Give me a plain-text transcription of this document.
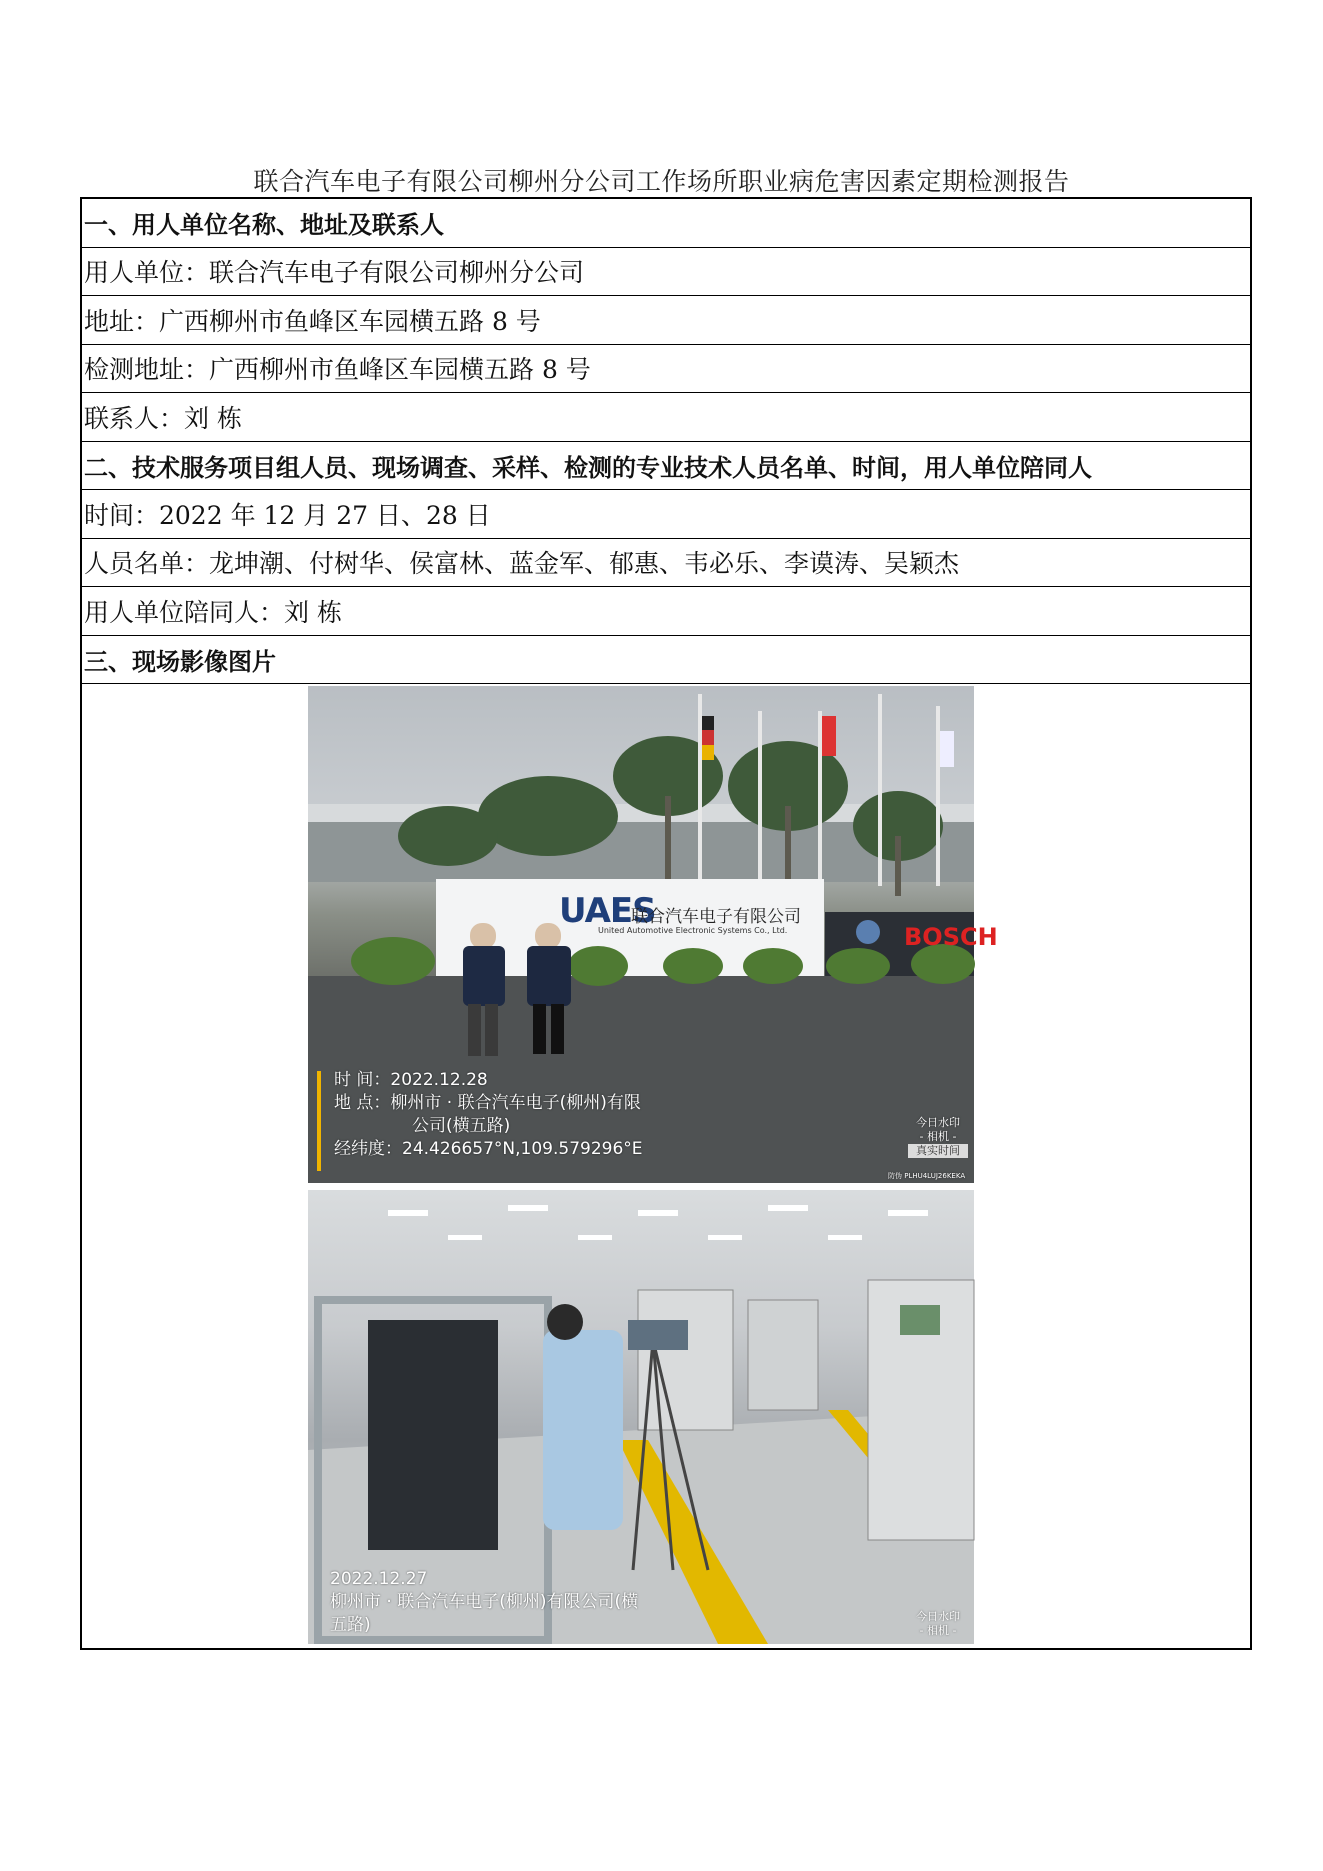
联合汽车电子有限公司柳州分公司工作场所职业病危害因素定期检测报告
一、用人单位名称、地址及联系人
用人单位：联合汽车电子有限公司柳州分公司
地址：广西柳州市鱼峰区车园横五路 8 号
检测地址：广西柳州市鱼峰区车园横五路 8 号
联系人：刘 栋
二、技术服务项目组人员、现场调查、采样、检测的专业技术人员名单、时间，用人单位陪同人
时间：2022 年 12 月 27 日、28 日
人员名单：龙坤潮、付树华、侯富林、蓝金军、郁惠、韦必乐、李谟涛、吴颖杰
用人单位陪同人：刘 栋
三、现场影像图片
UAES
联合汽车电子有限公司
United Automotive Electronic Systems Co., Ltd.	BOSCH
时 间：2022.12.28
地 点：柳州市 · 联合汽车电子(柳州)有限
公司(横五路)
经纬度：24.426657°N,109.579296°E
今日水印
- 相机 -
真实时间
防伪 PLHU4LUJ26KEKA
2022.12.27
柳州市 · 联合汽车电子(柳州)有限公司(横
五路)	今日水印
- 相机 -
